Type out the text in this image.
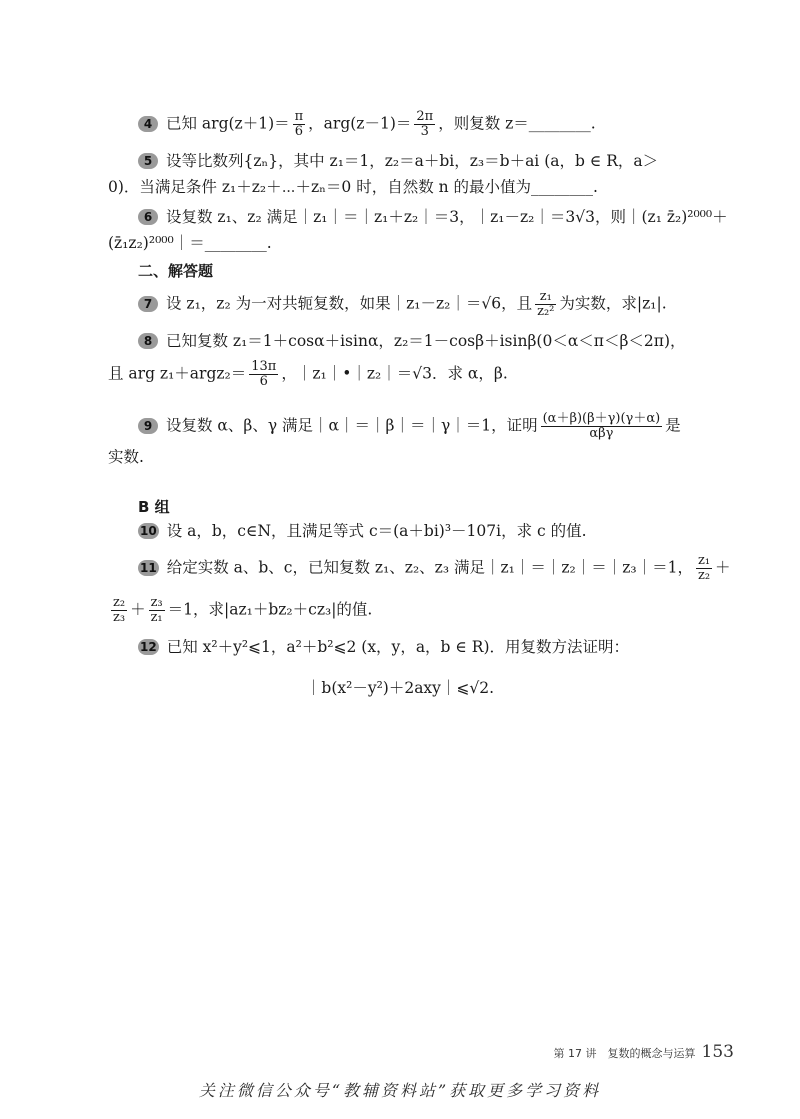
4 已知 $arg(z+1)= \frac{\pi}{6}$ ，$arg(z-1)= \frac{2\pi}{3}$ ，则复数 z＝________.
5 设等比数列{zₙ}，其中 z₁＝1，z₂＝a＋bi，z₃＝b＋ai (a，b ∈ R，a＞
0)．当满足条件 z₁＋z₂＋⋯＋zₙ＝0 时，自然数 n 的最小值为________.
6 设复数 z₁、z₂ 满足｜z₁｜＝｜z₁＋z₂｜＝3，｜z₁－z₂｜＝3√3，则｜(z₁ z̄₂)²⁰⁰⁰＋
(z̄₁z₂)²⁰⁰⁰｜＝________.
二、解答题
7 设 z₁，z₂ 为一对共轭复数，如果｜z₁－z₂｜＝√6，且 $\frac{\text{z₁}}{\text{z₂²}}$ 为实数，求|z₁|.
8 已知复数 z₁＝1＋cosα＋isinα，z₂＝1－cosβ＋isinβ(0＜α＜π＜β＜2π)，
且 arg z₁＋argz₂＝ $\frac{13\pi}{6}$ ，｜z₁｜•｜z₂｜＝√3．求 α，β.
9 设复数 α、β、γ 满足｜α｜＝｜β｜＝｜γ｜＝1，证明 $\frac{(\alpha+\beta)(\beta+\gamma)(\gamma+\alpha)}{\text{αβγ}}$ 是
实数.
B 组
10 设 a，b，c∈N，且满足等式 c＝(a＋bi)³－107i，求 c 的值.
11 给定实数 a、b、c，已知复数 z₁、z₂、z₃ 满足｜z₁｜＝｜z₂｜＝｜z₃｜＝1， $\frac{\text{z₁}}{\text{z₂}}$ ＋
$\frac{\text{z₂}}{\text{z₃}} + \frac{\text{z₃}}{\text{z₁}} =1$，求|az₁＋bz₂＋cz₃|的值.
12 已知 x²＋y²⩽1，a²＋b²⩽2 (x，y，a，b ∈ R)．用复数方法证明：
｜b(x²－y²)＋2axy｜⩽√2.
第 17 讲　复数的概念与运算 153
关注微信公众号“教辅资料站”获取更多学习资料
